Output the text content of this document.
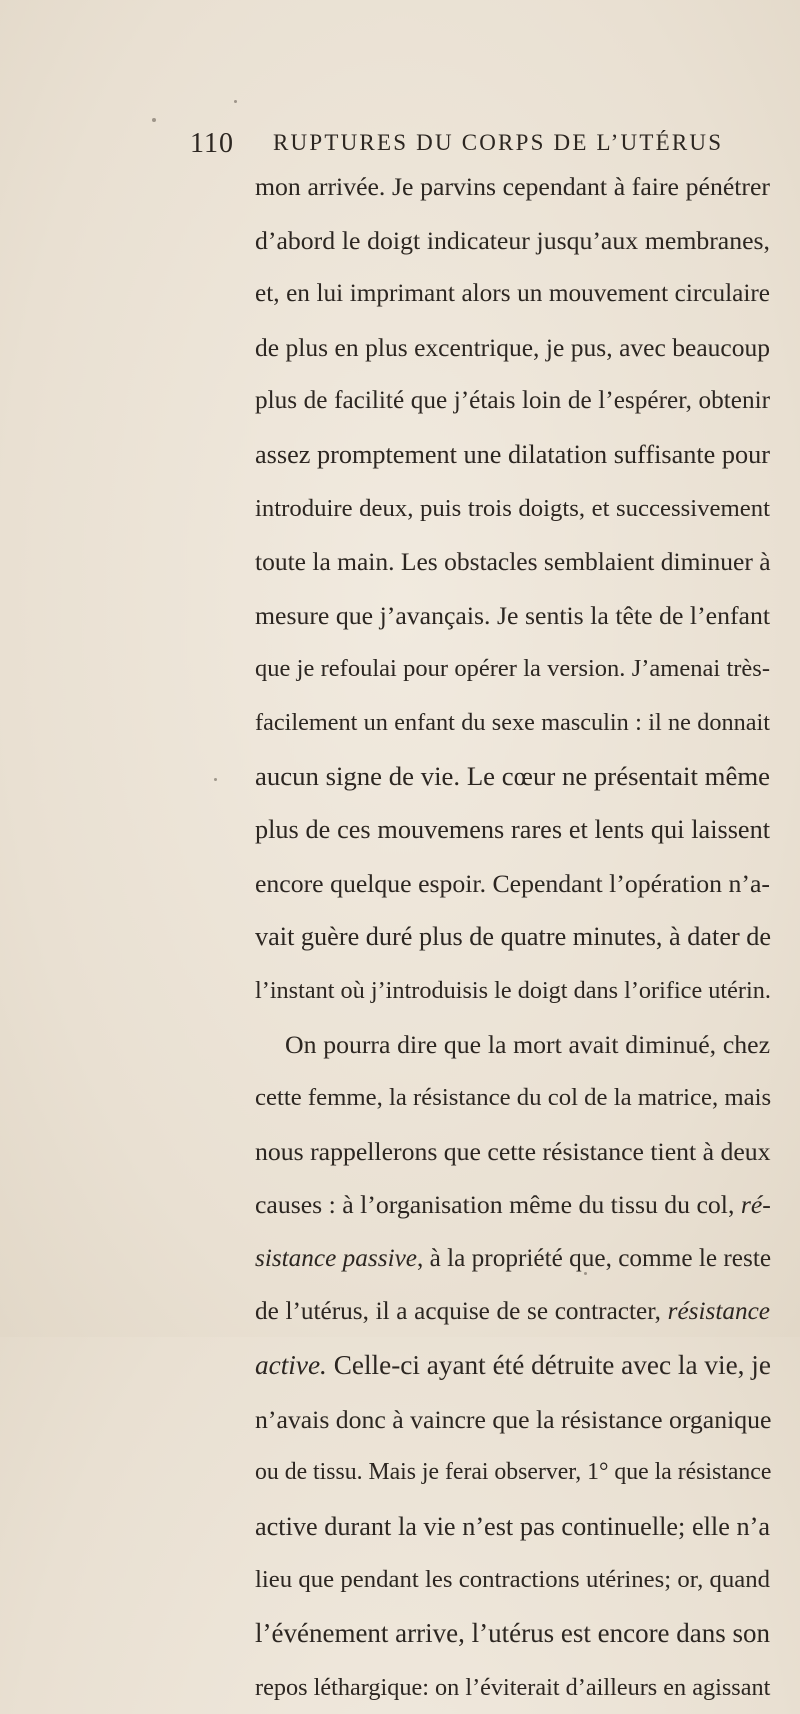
110 RUPTURES DU CORPS DE L’UTÉRUS
mon arrivée. Je parvins cependant à faire pénétrer
d’abord le doigt indicateur jusqu’aux membranes,
et, en lui imprimant alors un mouvement circulaire
de plus en plus excentrique, je pus, avec beaucoup
plus de facilité que j’étais loin de l’espérer, obtenir
assez promptement une dilatation suffisante pour
introduire deux, puis trois doigts, et successivement
toute la main. Les obstacles semblaient diminuer à
mesure que j’avançais. Je sentis la tête de l’enfant
que je refoulai pour opérer la version. J’amenai très-
facilement un enfant du sexe masculin : il ne donnait
aucun signe de vie. Le cœur ne présentait même
plus de ces mouvemens rares et lents qui laissent
encore quelque espoir. Cependant l’opération n’a-
vait guère duré plus de quatre minutes, à dater de
l’instant où j’introduisis le doigt dans l’orifice utérin.
On pourra dire que la mort avait diminué, chez
cette femme, la résistance du col de la matrice, mais
nous rappellerons que cette résistance tient à deux
causes : à l’organisation même du tissu du col, ré-
sistance passive, à la propriété que, comme le reste
de l’utérus, il a acquise de se contracter, résistance
active. Celle-ci ayant été détruite avec la vie, je
n’avais donc à vaincre que la résistance organique
ou de tissu. Mais je ferai observer, 1° que la résistance
active durant la vie n’est pas continuelle; elle n’a
lieu que pendant les contractions utérines; or, quand
l’événement arrive, l’utérus est encore dans son
repos léthargique: on l’éviterait d’ailleurs en agissant
